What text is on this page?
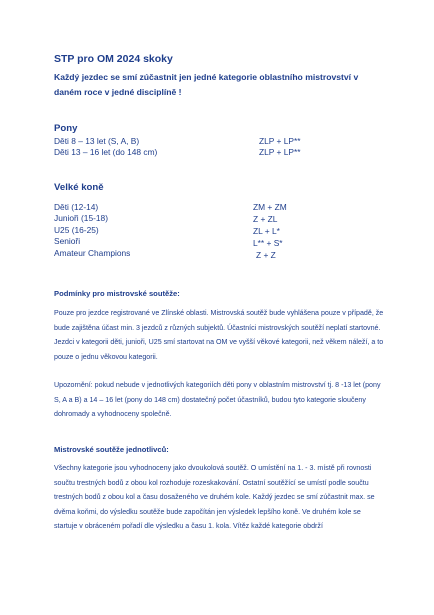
STP pro OM 2024 skoky
Každý jezdec se smí zúčastnit jen jedné kategorie oblastního mistrovství v daném roce v jedné disciplíně !
Pony
Děti 8 – 13 let (S, A, B)	ZLP + LP**
Děti 13 – 16 let (do 148 cm)	ZLP + LP**
Velké koně
Děti (12-14)	ZM + ZM
Junioři (15-18)	Z + ZL
U25 (16-25)	ZL + L*
Senioři	L** + S*
Amateur Champions	Z + Z
Podmínky pro mistrovské soutěže:
Pouze pro jezdce registrované ve Zlínské oblasti. Mistrovská soutěž bude vyhlášena pouze v případě, že bude zajištěna účast min. 3 jezdců z různých subjektů. Účastníci mistrovských soutěží neplatí startovné. Jezdci v kategorii děti, junioři, U25 smí startovat na OM ve vyšší věkové kategorii, než věkem náleží, a to pouze o jednu věkovou kategorii.
Upozornění: pokud nebude v jednotlivých kategoriích děti pony v oblastním mistrovství tj. 8 -13 let (pony S, A a B) a 14 – 16 let (pony do 148 cm) dostatečný počet účastníků, budou tyto kategorie sloučeny dohromady a vyhodnoceny společně.
Mistrovské soutěže jednotlivců:
Všechny kategorie jsou vyhodnoceny jako dvoukolová soutěž. O umístění na 1. - 3. místě při rovnosti součtu trestných bodů z obou kol rozhoduje rozeskakování. Ostatní soutěžící se umístí podle součtu trestných bodů z obou kol a času dosaženého ve druhém kole. Každý jezdec se smí zúčastnit max. se dvěma koňmi, do výsledku soutěže bude započítán jen výsledek lepšího koně. Ve druhém kole se startuje v obráceném pořadí dle výsledku a času 1. kola. Vítěz každé kategorie obdrží
